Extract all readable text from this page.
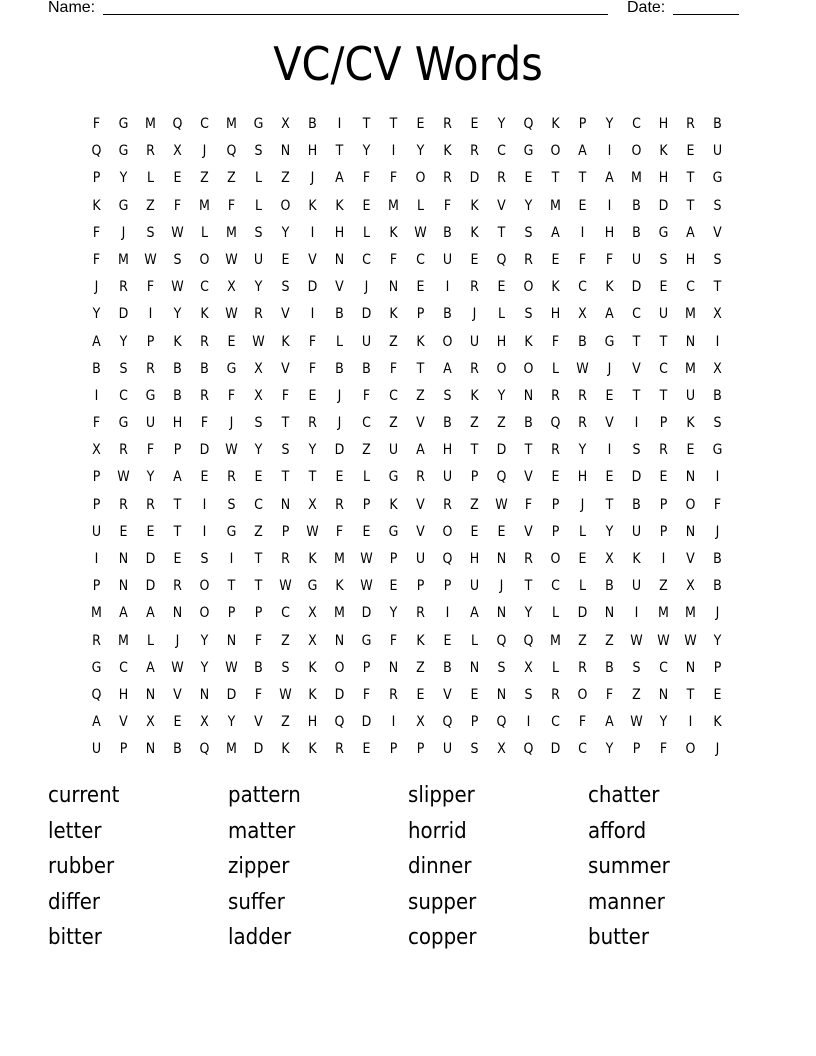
Name:	Date:
VC/CV Words
F	G	M	Q	C	M	G	X	B	I	T	T	E	R	E	Y	Q	K	P	Y	C	H	R	B
Q	G	R	X	J	Q	S	N	H	T	Y	I	Y	K	R	C	G	O	A	I	O	K	E	U
P	Y	L	E	Z	Z	L	Z	J	A	F	F	O	R	D	R	E	T	T	A	M	H	T	G
K	G	Z	F	M	F	L	O	K	K	E	M	L	F	K	V	Y	M	E	I	B	D	T	S
F	J	S	W	L	M	S	Y	I	H	L	K	W	B	K	T	S	A	I	H	B	G	A	V
F	M	W	S	O	W	U	E	V	N	C	F	C	U	E	Q	R	E	F	F	U	S	H	S
J	R	F	W	C	X	Y	S	D	V	J	N	E	I	R	E	O	K	C	K	D	E	C	T
Y	D	I	Y	K	W	R	V	I	B	D	K	P	B	J	L	S	H	X	A	C	U	M	X
A	Y	P	K	R	E	W	K	F	L	U	Z	K	O	U	H	K	F	B	G	T	T	N	I
B	S	R	B	B	G	X	V	F	B	B	F	T	A	R	O	O	L	W	J	V	C	M	X
I	C	G	B	R	F	X	F	E	J	F	C	Z	S	K	Y	N	R	R	E	T	T	U	B
F	G	U	H	F	J	S	T	R	J	C	Z	V	B	Z	Z	B	Q	R	V	I	P	K	S
X	R	F	P	D	W	Y	S	Y	D	Z	U	A	H	T	D	T	R	Y	I	S	R	E	G
P	W	Y	A	E	R	E	T	T	E	L	G	R	U	P	Q	V	E	H	E	D	E	N	I
P	R	R	T	I	S	C	N	X	R	P	K	V	R	Z	W	F	P	J	T	B	P	O	F
U	E	E	T	I	G	Z	P	W	F	E	G	V	O	E	E	V	P	L	Y	U	P	N	J
I	N	D	E	S	I	T	R	K	M	W	P	U	Q	H	N	R	O	E	X	K	I	V	B
P	N	D	R	O	T	T	W	G	K	W	E	P	P	U	J	T	C	L	B	U	Z	X	B
M	A	A	N	O	P	P	C	X	M	D	Y	R	I	A	N	Y	L	D	N	I	M	M	J
R	M	L	J	Y	N	F	Z	X	N	G	F	K	E	L	Q	Q	M	Z	Z	W	W	W	Y
G	C	A	W	Y	W	B	S	K	O	P	N	Z	B	N	S	X	L	R	B	S	C	N	P
Q	H	N	V	N	D	F	W	K	D	F	R	E	V	E	N	S	R	O	F	Z	N	T	E
A	V	X	E	X	Y	V	Z	H	Q	D	I	X	Q	P	Q	I	C	F	A	W	Y	I	K
U	P	N	B	Q	M	D	K	K	R	E	P	P	U	S	X	Q	D	C	Y	P	F	O	J
current
letter
rubber
differ
bitter
pattern
matter
zipper
suffer
ladder
slipper
horrid
dinner
supper
copper
chatter
afford
summer
manner
butter
